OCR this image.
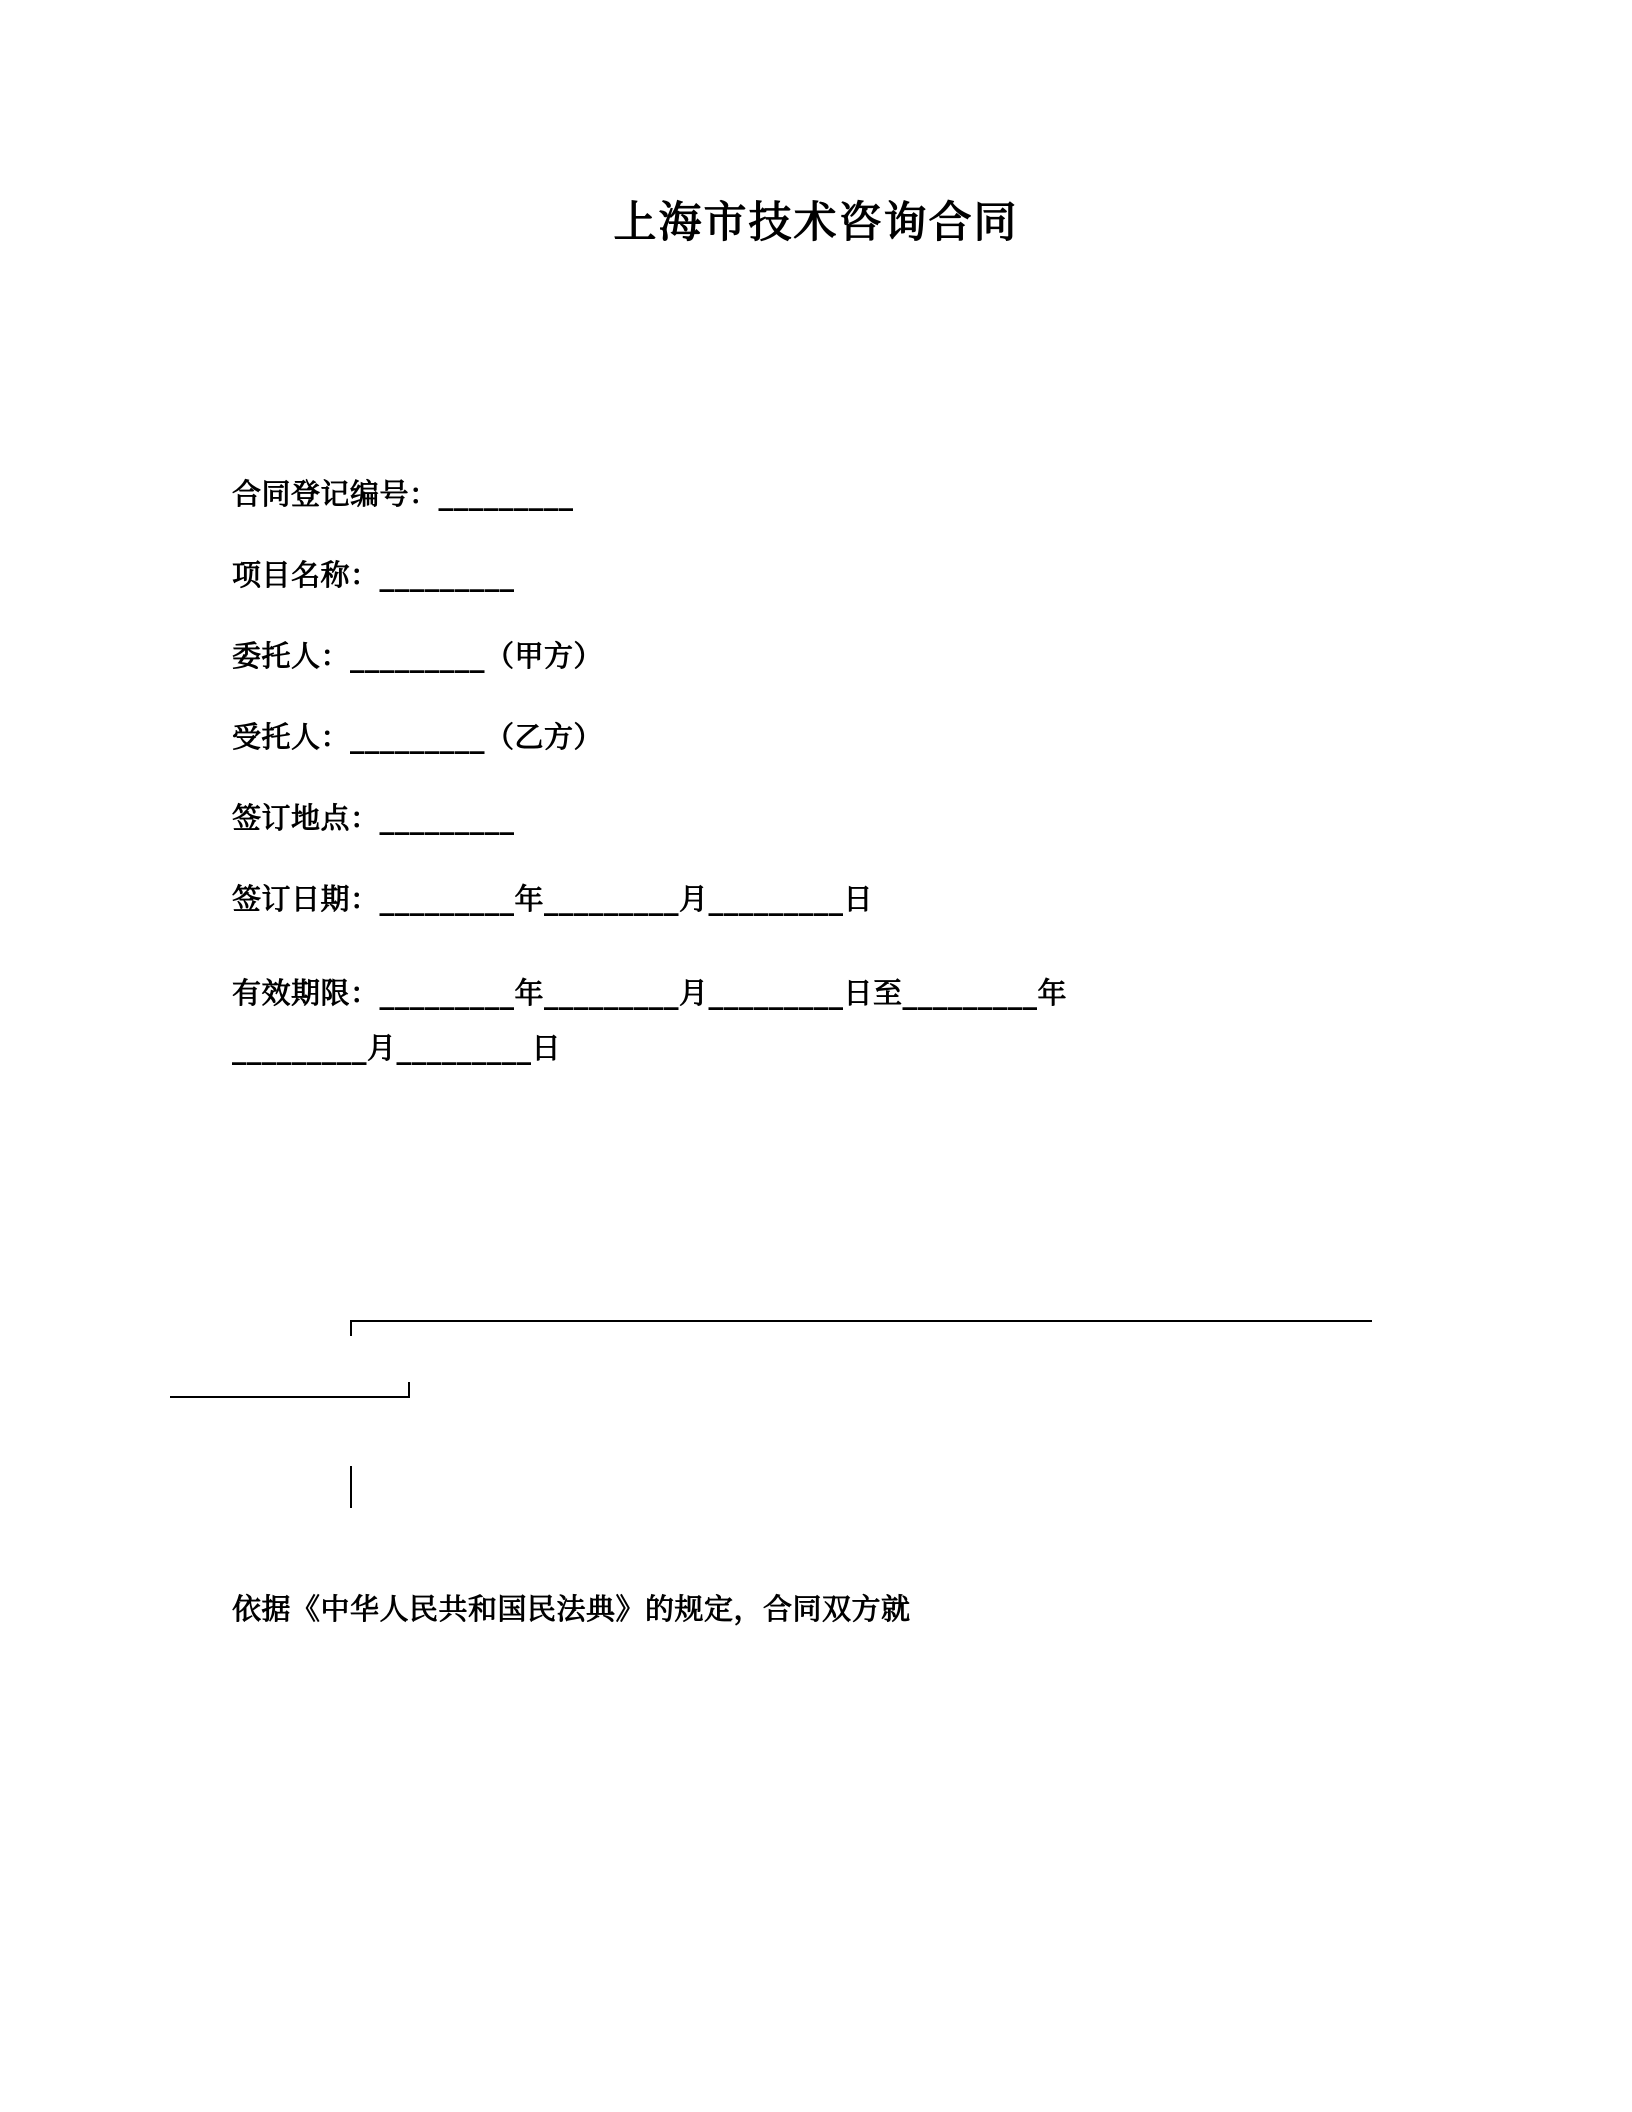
上海市技术咨询合同
合同登记编号：_________
项目名称：_________
委托人：_________（甲方）
受托人：_________（乙方）
签订地点：_________
签订日期：_________年_________月_________日
有效期限：_________年_________月_________日至_________年_________月_________日
依据《中华人民共和国民法典》的规定，合同双方就
